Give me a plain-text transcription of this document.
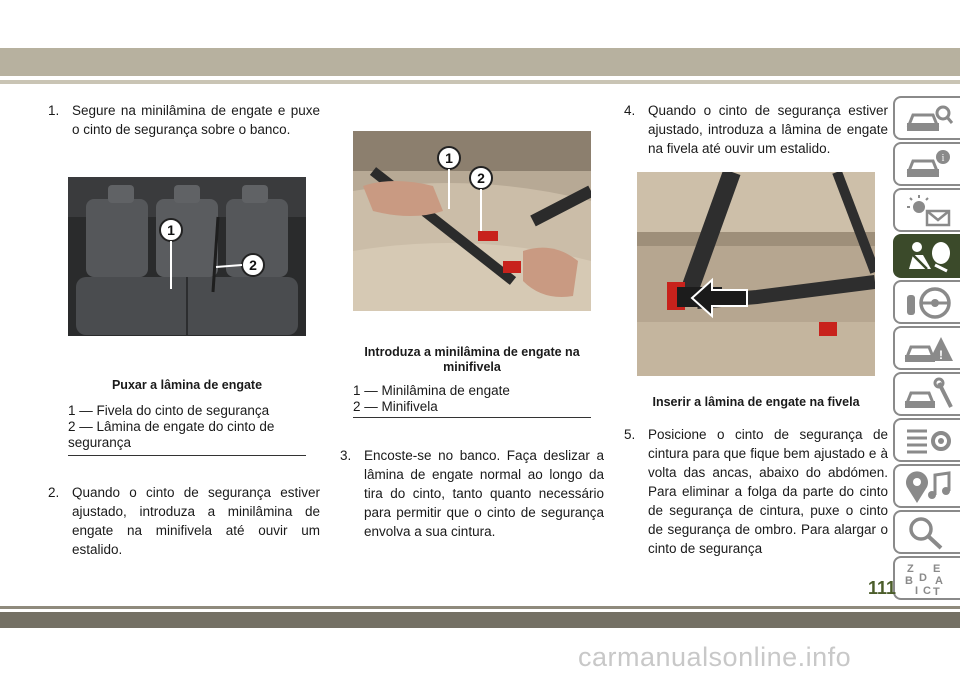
1. Segure na minilâmina de engate e puxe o cinto de segurança sobre o banco.
1
2
Puxar a lâmina de engate
1 — Fivela do cinto de segurança
2 — Lâmina de engate do cinto de segurança
2. Quando o cinto de segurança estiver ajustado, introduza a minilâmina de engate na minifivela até ouvir um estalido.
1
2
Introduza a minilâmina de engate na minifivela
1 — Minilâmina de engate
2 — Minifivela
3. Encoste-se no banco. Faça deslizar a lâmina de engate normal ao longo da tira do cinto, tanto quanto necessário para permitir que o cinto de segurança envolva a sua cintura.
4. Quando o cinto de segurança estiver ajustado, introduza a lâmina de engate na fivela até ouvir um estalido.
Inserir a lâmina de engate na fivela
5. Posicione o cinto de segurança de cintura para que fique bem ajustado e à volta das ancas, abaixo do abdómen. Para eliminar a folga da parte do cinto de segurança de cintura, puxe o cinto de segurança de ombro. Para alargar o cinto de segurança
i
!
Z E
B A
C T
I
D
111
carmanualsonline.info
